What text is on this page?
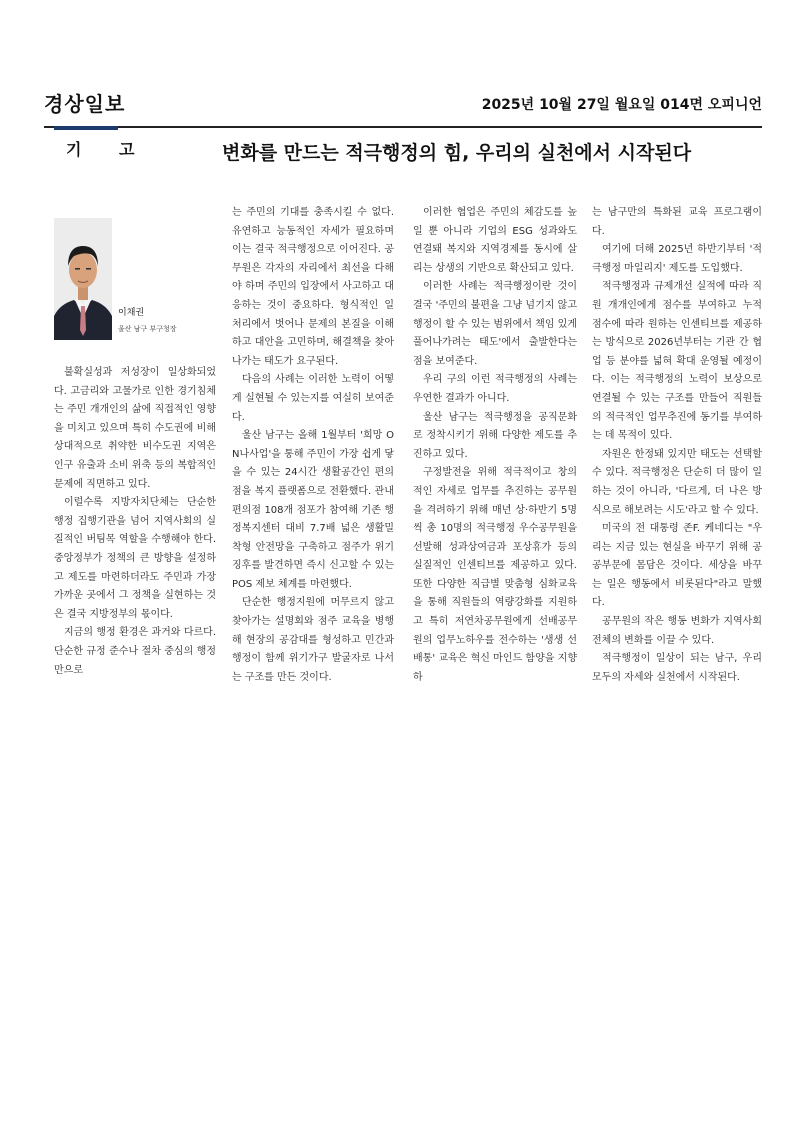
경상일보	2025년 10월 27일 월요일 014면 오피니언
기 고	변화를 만드는 적극행정의 힘, 우리의 실천에서 시작된다
이채권
울산 남구 부구청장

불확실성과 저성장이 일상화되었다. 고금리와 고물가로 인한 경기침체는 주민 개개인의 삶에 직접적인 영향을 미치고 있으며 특히 수도권에 비해 상대적으로 취약한 비수도권 지역은 인구 유출과 소비 위축 등의 복합적인 문제에 직면하고 있다.

이럴수록 지방자치단체는 단순한 행정 집행기관을 넘어 지역사회의 실질적인 버팀목 역할을 수행해야 한다. 중앙정부가 정책의 큰 방향을 설정하고 제도를 마련하더라도 주민과 가장 가까운 곳에서 그 정책을 실현하는 것은 결국 지방정부의 몫이다.

지금의 행정 환경은 과거와 다르다. 단순한 규정 준수나 절차 중심의 행정만으로

는 주민의 기대를 충족시킬 수 없다. 유연하고 능동적인 자세가 필요하며 이는 결국 적극행정으로 이어진다. 공무원은 각자의 자리에서 최선을 다해야 하며 주민의 입장에서 사고하고 대응하는 것이 중요하다. 형식적인 일 처리에서 벗어나 문제의 본질을 이해하고 대안을 고민하며, 해결책을 찾아나가는 태도가 요구된다.

다음의 사례는 이러한 노력이 어떻게 실현될 수 있는지를 여실히 보여준다.

울산 남구는 올해 1월부터 '희망 ON나사업'을 통해 주민이 가장 쉽게 닿을 수 있는 24시간 생활공간인 편의점을 복지 플랫폼으로 전환했다. 관내 편의점 108개 점포가 참여해 기존 행정복지센터 대비 7.7배 넓은 생활밀착형 안전망을 구축하고 점주가 위기 징후를 발견하면 즉시 신고할 수 있는 POS 제보 체계를 마련했다.

단순한 행정지원에 머무르지 않고 찾아가는 설명회와 점주 교육을 병행해 현장의 공감대를 형성하고 민간과 행정이 함께 위기가구 발굴자로 나서는 구조를 만든 것이다.

이러한 협업은 주민의 체감도를 높일 뿐 아니라 기업의 ESG 성과와도 연결돼 복지와 지역경제를 동시에 살리는 상생의 기반으로 확산되고 있다.

이러한 사례는 적극행정이란 것이 결국 '주민의 불편을 그냥 넘기지 않고 행정이 할 수 있는 범위에서 책임 있게 풀어나가려는 태도'에서 출발한다는 점을 보여준다.

우리 구의 이런 적극행정의 사례는 우연한 결과가 아니다.

울산 남구는 적극행정을 공직문화로 정착시키기 위해 다양한 제도를 추진하고 있다.

구정발전을 위해 적극적이고 창의적인 자세로 업무를 추진하는 공무원을 격려하기 위해 매년 상·하반기 5명씩 총 10명의 적극행정 우수공무원을 선발해 성과상여금과 포상휴가 등의 실질적인 인센티브를 제공하고 있다. 또한 다양한 직급별 맞춤형 심화교육을 통해 직원들의 역량강화를 지원하고 특히 저연차공무원에게 선배공무원의 업무노하우를 전수하는 '생생 선배통' 교육은 혁신 마인드 함양을 지향하

는 남구만의 특화된 교육 프로그램이다.

여기에 더해 2025년 하반기부터 '적극행정 마일리지' 제도를 도입했다.

적극행정과 규제개선 실적에 따라 직원 개개인에게 점수를 부여하고 누적 점수에 따라 원하는 인센티브를 제공하는 방식으로 2026년부터는 기관 간 협업 등 분야를 넓혀 확대 운영될 예정이다. 이는 적극행정의 노력이 보상으로 연결될 수 있는 구조를 만들어 직원들의 적극적인 업무추진에 동기를 부여하는 데 목적이 있다.

자원은 한정돼 있지만 태도는 선택할 수 있다. 적극행정은 단순히 더 많이 일하는 것이 아니라, '다르게, 더 나은 방식으로 해보려는 시도'라고 할 수 있다.

미국의 전 대통령 존F. 케네디는 "우리는 지금 있는 현실을 바꾸기 위해 공공부문에 몸담은 것이다. 세상을 바꾸는 일은 행동에서 비롯된다"라고 말했다.

공무원의 작은 행동 변화가 지역사회 전체의 변화를 이끌 수 있다.

적극행정이 일상이 되는 남구, 우리 모두의 자세와 실천에서 시작된다.
